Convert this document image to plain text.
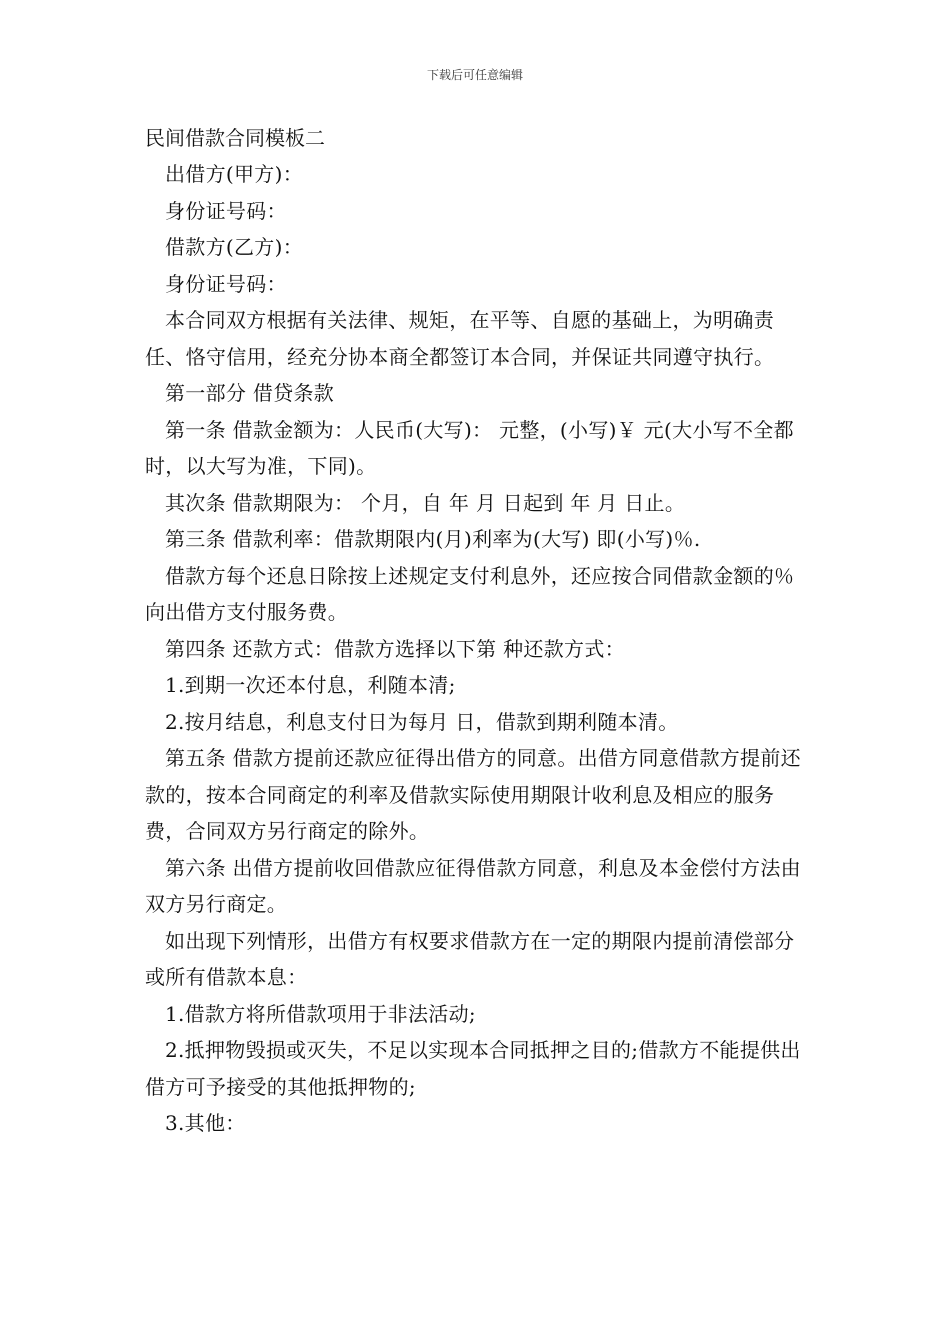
下载后可任意编辑
民间借款合同模板二

出借方(甲方)：

身份证号码：

借款方(乙方)：

身份证号码：

本合同双方根据有关法律、规矩，在平等、自愿的基础上，为明确责任、恪守信用，经充分协本商全都签订本合同，并保证共同遵守执行。

第一部分 借贷条款

第一条 借款金额为：人民币(大写)： 元整，(小写)￥ 元(大小写不全都时，以大写为准，下同)。

其次条 借款期限为： 个月，自 年 月 日起到 年 月 日止。

第三条 借款利率：借款期限内(月)利率为(大写) 即(小写)％.

借款方每个还息日除按上述规定支付利息外，还应按合同借款金额的％向出借方支付服务费。

第四条 还款方式：借款方选择以下第 种还款方式：

1.到期一次还本付息，利随本清;

2.按月结息，利息支付日为每月 日，借款到期利随本清。

第五条 借款方提前还款应征得出借方的同意。出借方同意借款方提前还款的，按本合同商定的利率及借款实际使用期限计收利息及相应的服务费，合同双方另行商定的除外。

第六条 出借方提前收回借款应征得借款方同意，利息及本金偿付方法由双方另行商定。

如出现下列情形，出借方有权要求借款方在一定的期限内提前清偿部分或所有借款本息：

1.借款方将所借款项用于非法活动;

2.抵押物毁损或灭失，不足以实现本合同抵押之目的;借款方不能提供出借方可予接受的其他抵押物的;

3.其他：
